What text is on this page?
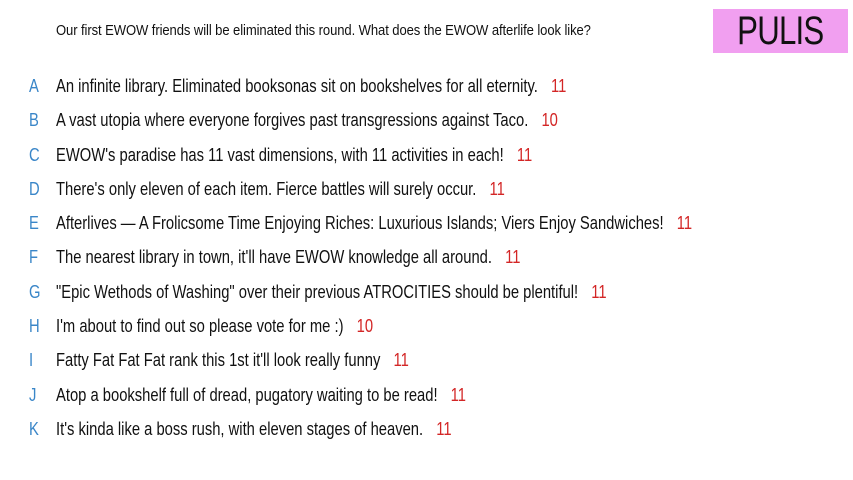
Our first EWOW friends will be eliminated this round. What does the EWOW afterlife look like?	PULIS
A An infinite library. Eliminated booksonas sit on bookshelves for all eternity. 11
B A vast utopia where everyone forgives past transgressions against Taco. 10
C EWOW's paradise has 11 vast dimensions, with 11 activities in each! 11
D There's only eleven of each item. Fierce battles will surely occur. 11
E Afterlives — A Frolicsome Time Enjoying Riches: Luxurious Islands; Viers Enjoy Sandwiches! 11
F The nearest library in town, it'll have EWOW knowledge all around. 11
G "Epic Wethods of Washing" over their previous ATROCITIES should be plentiful! 11
H I'm about to find out so please vote for me :) 10
I Fatty Fat Fat Fat rank this 1st it'll look really funny 11
J Atop a bookshelf full of dread, pugatory waiting to be read! 11
K It's kinda like a boss rush, with eleven stages of heaven. 11
